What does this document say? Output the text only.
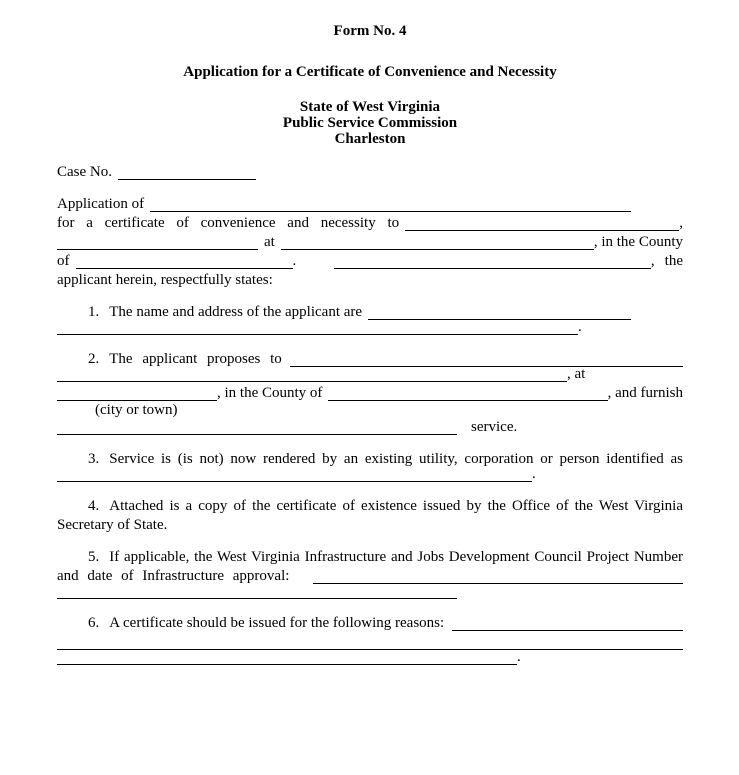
Form No. 4
Application for a Certificate of Convenience and Necessity
State of West Virginia
Public Service Commission
Charleston
Case No.
Application of
for a certificate of convenience and necessity to	,
at	, in the County
of	.	, the
applicant herein, respectfully states:
1. The name and address of the applicant are
.
2. The applicant proposes to
, at
, in the County of	, and furnish
(city or town)
service.
3. Service is (is not) now rendered by an existing utility, corporation or person identified as
.
4. Attached is a copy of the certificate of existence issued by the Office of the West Virginia
Secretary of State.
5. If applicable, the West Virginia Infrastructure and Jobs Development Council Project Number
and date of Infrastructure approval:
6. A certificate should be issued for the following reasons:
.
